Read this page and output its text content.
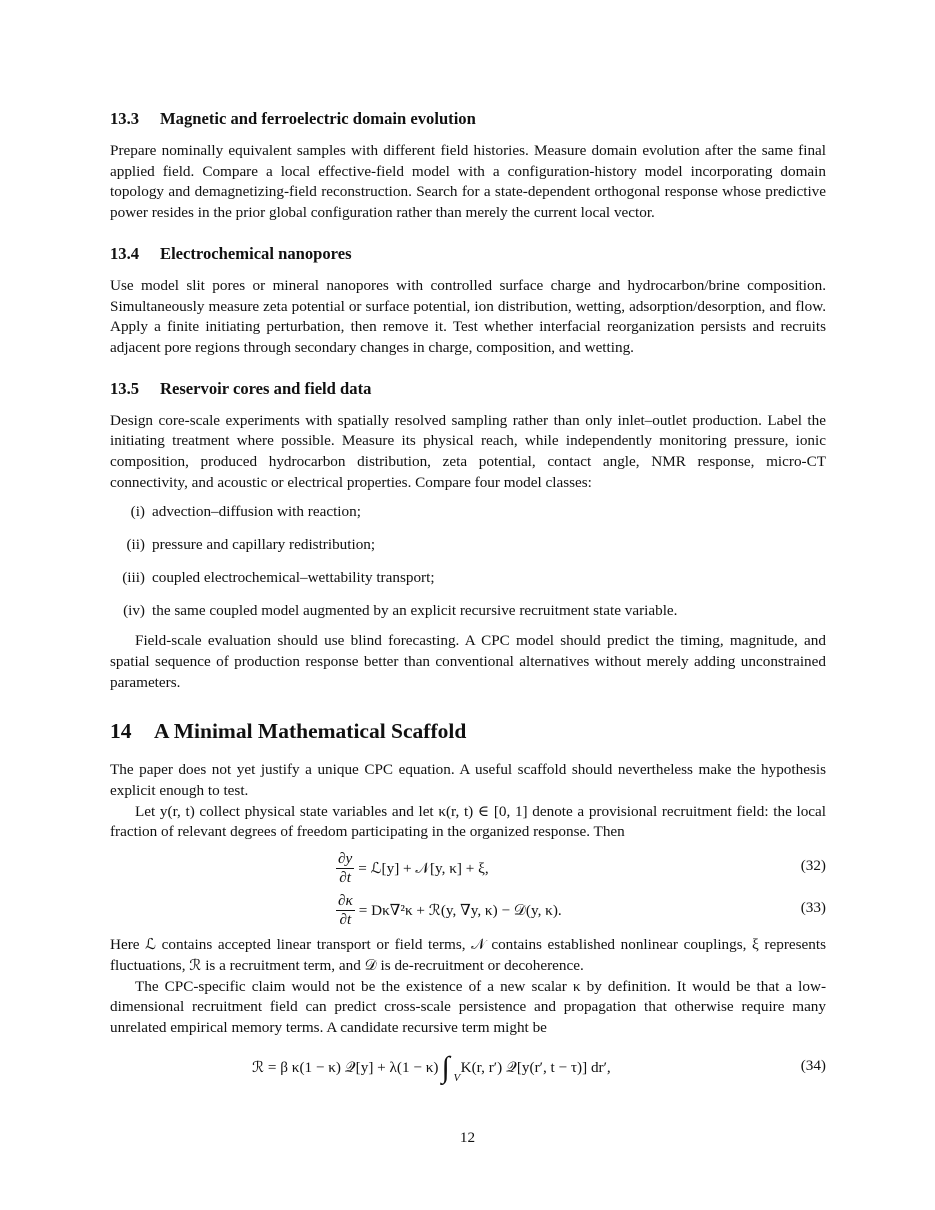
13.3 Magnetic and ferroelectric domain evolution

Prepare nominally equivalent samples with different field histories. Measure domain evolution after the same final applied field. Compare a local effective-field model with a configuration-history model incorporating domain topology and demagnetizing-field reconstruction. Search for a state-dependent orthogonal response whose predictive power resides in the prior global configuration rather than merely the current local vector.

13.4 Electrochemical nanopores

Use model slit pores or mineral nanopores with controlled surface charge and hydrocarbon/brine composition. Simultaneously measure zeta potential or surface potential, ion distribution, wetting, adsorption/desorption, and flow. Apply a finite initiating perturbation, then remove it. Test whether interfacial reorganization persists and recruits adjacent pore regions through secondary changes in charge, composition, and wetting.

13.5 Reservoir cores and field data

Design core-scale experiments with spatially resolved sampling rather than only inlet–outlet production. Label the initiating treatment where possible. Measure its physical reach, while independently monitoring pressure, ionic composition, produced hydrocarbon distribution, zeta potential, contact angle, NMR response, micro-CT connectivity, and acoustic or electrical properties. Compare four model classes:

(i) advection–diffusion with reaction;
(ii) pressure and capillary redistribution;
(iii) coupled electrochemical–wettability transport;
(iv) the same coupled model augmented by an explicit recursive recruitment state variable.

Field-scale evaluation should use blind forecasting. A CPC model should predict the timing, magnitude, and spatial sequence of production response better than conventional alternatives without merely adding unconstrained parameters.

14 A Minimal Mathematical Scaffold

The paper does not yet justify a unique CPC equation. A useful scaffold should nevertheless make the hypothesis explicit enough to test.

Let y(r, t) collect physical state variables and let κ(r, t) ∈ [0, 1] denote a provisional recruitment field: the local fraction of relevant degrees of freedom participating in the organized response. Then

$\frac{\partial y}{\partial t}$ = ℒ[y] + 𝒩[y, κ] + ξ,	(32)
$\frac{\partial\kappa}{\partial t} = D\kappa\nabla^2\kappa$ + ℛ(y, ∇y, κ) − 𝒟(y, κ).	(33)

Here ℒ contains accepted linear transport or field terms, 𝒩 contains established nonlinear couplings, ξ represents fluctuations, ℛ is a recruitment term, and 𝒟 is de-recruitment or decoherence.

The CPC-specific claim would not be the existence of a new scalar κ by definition. It would be that a low-dimensional recruitment field can predict cross-scale persistence and propagation that otherwise require many unrelated empirical memory terms. A candidate recursive term might be

ℛ = β κ(1 − κ) 𝒬[y] + λ(1 − κ) ∫ V
K(r, r′) 𝒬[y(r′, t − τ)] dr′,	(34)
12
